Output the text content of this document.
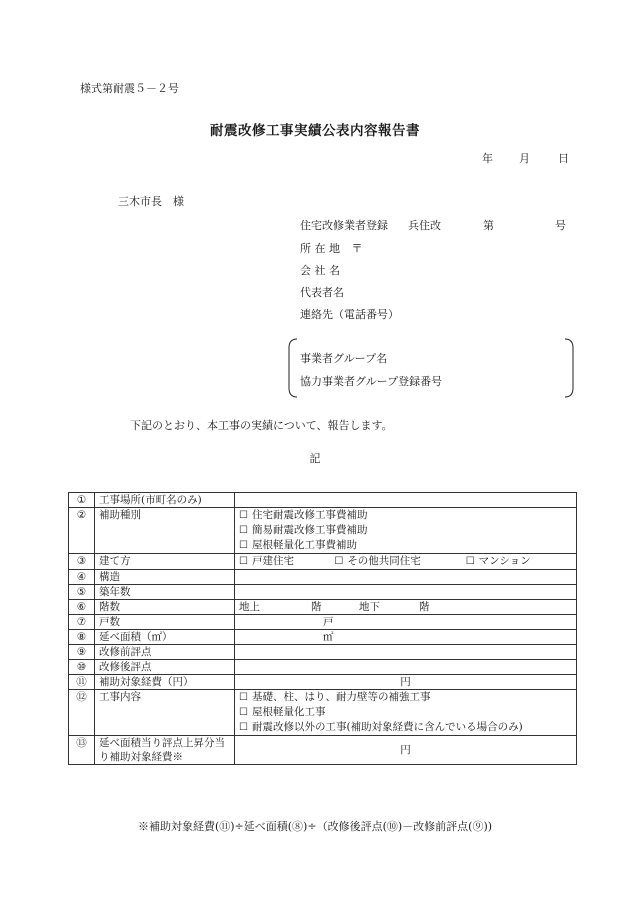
様式第耐震５－２号
耐震改修工事実績公表内容報告書
年 月	日
三木市長　様
住宅改修業者登録 兵住改	第	号
所 在 地 〒
会 社 名
代表者名
連絡先（電話番号）
事業者グループ名
協力事業者グループ登録番号
下記のとおり、本工事の実績について、報告します。
記
①	工事場所(市町名のみ)	
②	補助種別	☐ 住宅耐震改修工事費補助
☐ 簡易耐震改修工事費補助
☐ 屋根軽量化工事費補助

③	建て方	☐ 戸建住宅 ☐ その他共同住宅 ☐ マンション
④	構造	
⑤	築年数	
⑥	階数	地上 階 地下 階
⑦	戸数	戸
⑧	延べ面積（㎡）	㎡
⑨	改修前評点	
⑩	改修後評点	
⑪	補助対象経費（円）	円
⑫	工事内容	☐ 基礎、柱、はり、耐力壁等の補強工事
☐ 屋根軽量化工事
☐ 耐震改修以外の工事(補助対象経費に含んでいる場合のみ)

⑬	延べ面積当り評点上昇分当り補助対象経費※	円
※補助対象経費(⑪)÷延べ面積(⑧)÷（改修後評点(⑩)－改修前評点(⑨))
